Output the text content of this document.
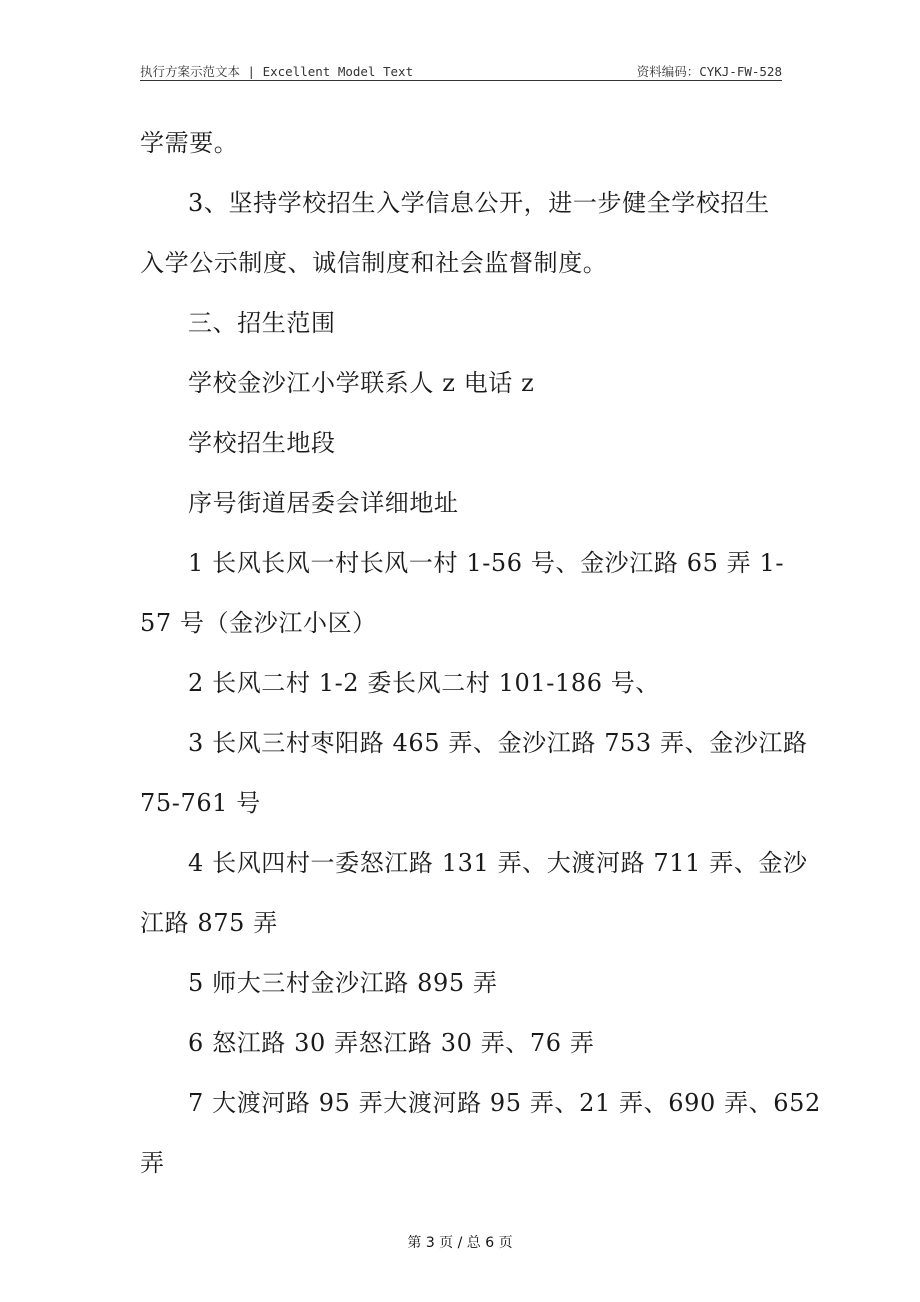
执行方案示范文本 | Excellent Model Text	资料编码：CYKJ-FW-528
学需要。
3、坚持学校招生入学信息公开，进一步健全学校招生
入学公示制度、诚信制度和社会监督制度。
三、招生范围
学校金沙江小学联系人 z 电话 z
学校招生地段
序号街道居委会详细地址
1 长风长风一村长风一村 1-56 号、金沙江路 65 弄 1-
57 号（金沙江小区）
2 长风二村 1-2 委长风二村 101-186 号、
3 长风三村枣阳路 465 弄、金沙江路 753 弄、金沙江路
75-761 号
4 长风四村一委怒江路 131 弄、大渡河路 711 弄、金沙
江路 875 弄
5 师大三村金沙江路 895 弄
6 怒江路 30 弄怒江路 30 弄、76 弄
7 大渡河路 95 弄大渡河路 95 弄、21 弄、690 弄、652
弄
第 3 页 / 总 6 页
